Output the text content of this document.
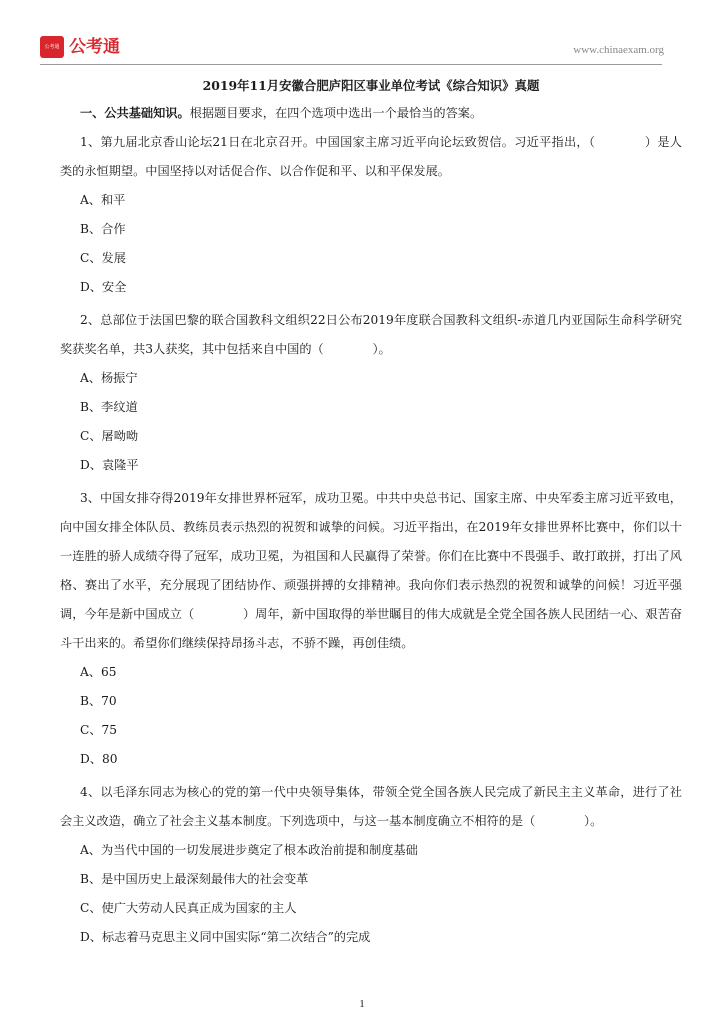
公考通 公考通	www.chinaexam.org

2019年11月安徽合肥庐阳区事业单位考试《综合知识》真题

一、公共基础知识。根据题目要求，在四个选项中选出一个最恰当的答案。

1、第九届北京香山论坛21日在北京召开。中国国家主席习近平向论坛致贺信。习近平指出，（　　　　）是人类的永恒期望。中国坚持以对话促合作、以合作促和平、以和平保发展。

A、和平

B、合作

C、发展

D、安全

2、总部位于法国巴黎的联合国教科文组织22日公布2019年度联合国教科文组织-赤道几内亚国际生命科学研究奖获奖名单，共3人获奖，其中包括来自中国的（　　　　）。

A、杨振宁

B、李纹道

C、屠呦呦

D、袁隆平

3、中国女排夺得2019年女排世界杯冠军，成功卫冕。中共中央总书记、国家主席、中央军委主席习近平致电，向中国女排全体队员、教练员表示热烈的祝贺和诚挚的问候。习近平指出，在2019年女排世界杯比赛中，你们以十一连胜的骄人成绩夺得了冠军，成功卫冕，为祖国和人民赢得了荣誉。你们在比赛中不畏强手、敢打敢拼，打出了风格、赛出了水平，充分展现了团结协作、顽强拼搏的女排精神。我向你们表示热烈的祝贺和诚挚的问候！习近平强调，今年是新中国成立（　　　　）周年，新中国取得的举世瞩目的伟大成就是全党全国各族人民团结一心、艰苦奋斗干出来的。希望你们继续保持昂扬斗志，不骄不躁，再创佳绩。

A、65

B、70

C、75

D、80

4、以毛泽东同志为核心的党的第一代中央领导集体，带领全党全国各族人民完成了新民主主义革命，进行了社会主义改造，确立了社会主义基本制度。下列选项中，与这一基本制度确立不相符的是（　　　　）。

A、为当代中国的一切发展进步奠定了根本政治前提和制度基础

B、是中国历史上最深刻最伟大的社会变革

C、使广大劳动人民真正成为国家的主人

D、标志着马克思主义同中国实际“第二次结合”的完成

1
